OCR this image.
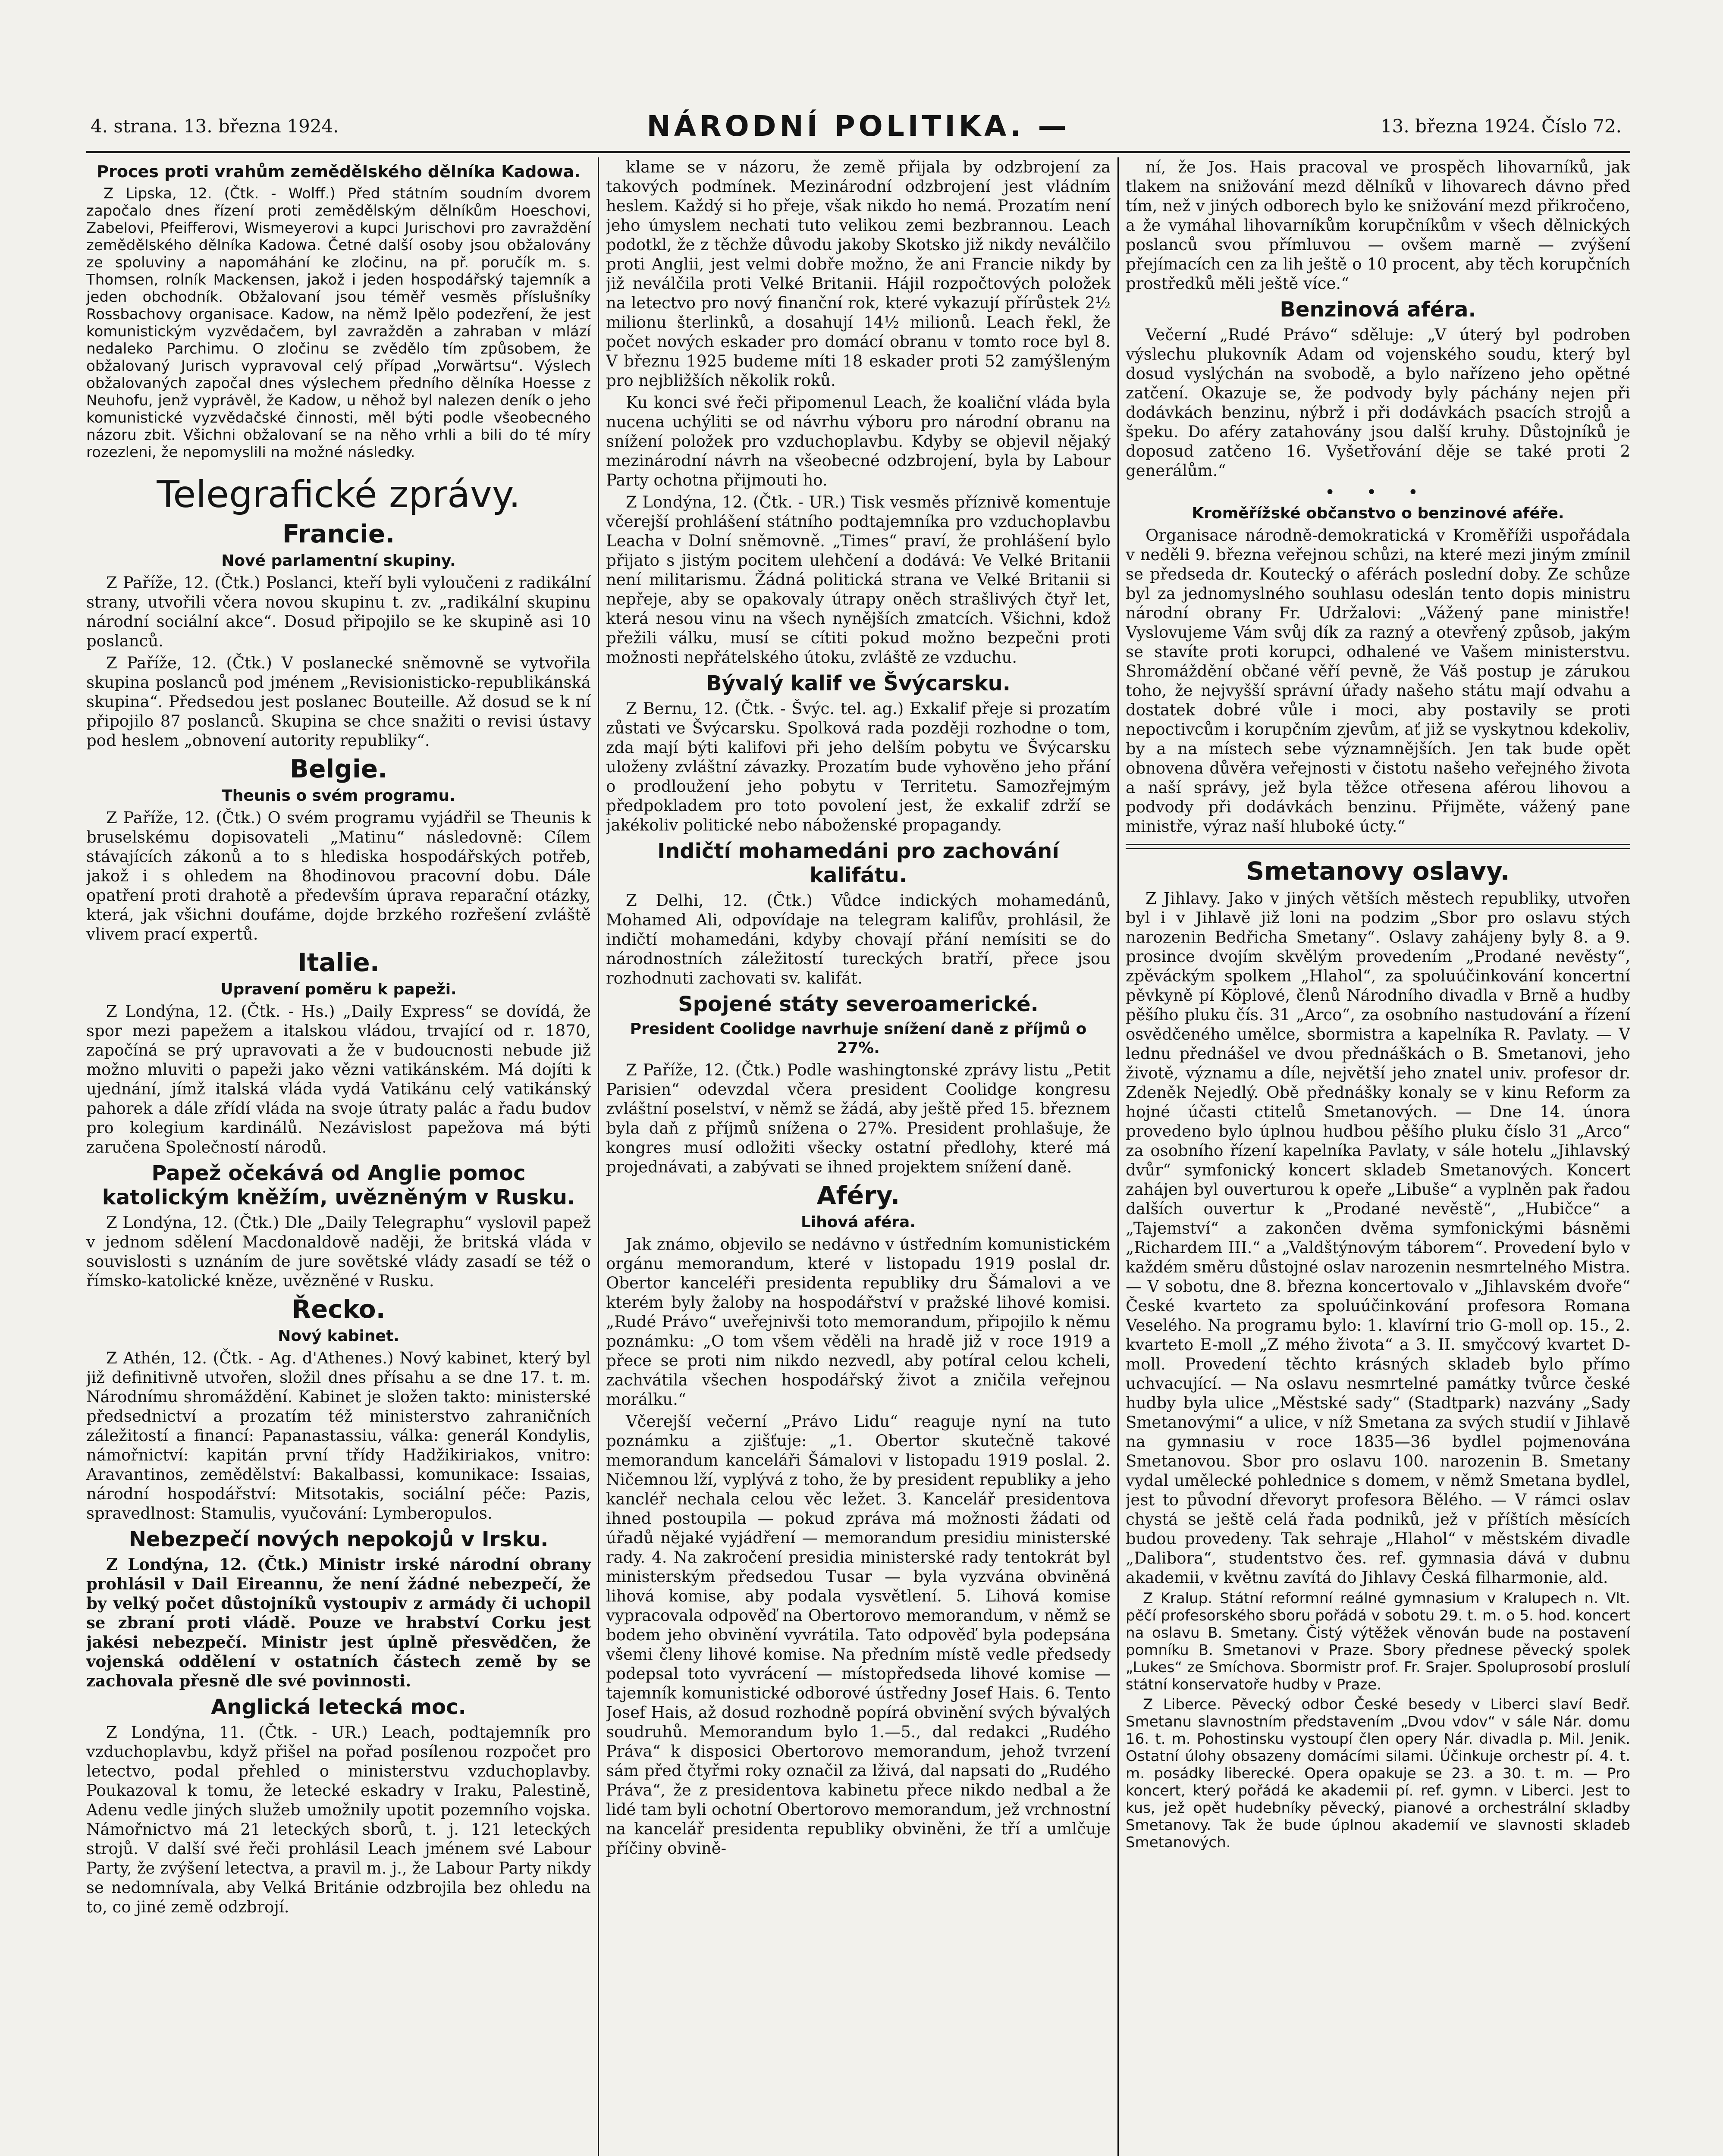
4. strana. 13. března 1924.	NÁRODNÍ POLITIKA. —	13. března 1924. Číslo 72.
Proces proti vrahům zemědělského dělníka Kadowa.

Z Lipska, 12. (Čtk. - Wolff.) Před státním soudním dvorem započalo dnes řízení proti zemědělským dělníkům Hoeschovi, Zabelovi, Pfeifferovi, Wismeyerovi a kupci Jurischovi pro zavraždění zemědělského dělníka Kadowa. Četné další osoby jsou obžalovány ze spoluviny a napomáhání ke zločinu, na př. poručík m. s. Thomsen, rolník Mackensen, jakož i jeden hospodářský tajemník a jeden obchodník. Obžalovaní jsou téměř vesměs příslušníky Rossbachovy organisace. Kadow, na němž lpělo podezření, že jest komunistickým vyzvědačem, byl zavražděn a zahraban v mlází nedaleko Parchimu. O zločinu se zvědělo tím způsobem, že obžalovaný Jurisch vypravoval celý případ „Vorwärtsu“. Výslech obžalovaných započal dnes výslechem předního dělníka Hoesse z Neuhofu, jenž vyprávěl, že Kadow, u něhož byl nalezen deník o jeho komunistické vyzvědačské činnosti, měl býti podle všeobecného názoru zbit. Všichni obžalovaní se na něho vrhli a bili do té míry rozezleni, že nepomyslili na možné následky.

Telegrafické zprávy.
Francie.
Nové parlamentní skupiny.

Z Paříže, 12. (Čtk.) Poslanci, kteří byli vyloučeni z radikální strany, utvořili včera novou skupinu t. zv. „radikální skupinu národní sociální akce“. Dosud připojilo se ke skupině asi 10 poslanců.

Z Paříže, 12. (Čtk.) V poslanecké sněmovně se vytvořila skupina poslanců pod jménem „Revisionisticko-republikánská skupina“. Předsedou jest poslanec Bouteille. Až dosud se k ní připojilo 87 poslanců. Skupina se chce snažiti o revisi ústavy pod heslem „obnovení autority republiky“.

Belgie.
Theunis o svém programu.

Z Paříže, 12. (Čtk.) O svém programu vyjádřil se Theunis k bruselskému dopisovateli „Matinu“ následovně: Cílem stávajících zákonů a to s hlediska hospodářských potřeb, jakož i s ohledem na 8hodinovou pracovní dobu. Dále opatření proti drahotě a především úprava reparační otázky, která, jak všichni doufáme, dojde brzkého rozřešení zvláště vlivem prací expertů.

Italie.
Upravení poměru k papeži.

Z Londýna, 12. (Čtk. - Hs.) „Daily Express“ se dovídá, že spor mezi papežem a italskou vládou, trvající od r. 1870, započíná se prý upravovati a že v budoucnosti nebude již možno mluviti o papeži jako vězni vatikánském. Má dojíti k ujednání, jímž italská vláda vydá Vatikánu celý vatikánský pahorek a dále zřídí vláda na svoje útraty palác a řadu budov pro kolegium kardinálů. Nezávislost papežova má býti zaručena Společností národů.

Papež očekává od Anglie pomoc katolickým kněžím, uvězněným v Rusku.

Z Londýna, 12. (Čtk.) Dle „Daily Telegraphu“ vyslovil papež v jednom sdělení Macdonaldově naději, že britská vláda v souvislosti s uznáním de jure sovětské vlády zasadí se též o římsko-katolické kněze, uvězněné v Rusku.

Řecko.
Nový kabinet.

Z Athén, 12. (Čtk. - Ag. d'Athenes.) Nový kabinet, který byl již definitivně utvořen, složil dnes přísahu a se dne 17. t. m. Národnímu shromáždění. Kabinet je složen takto: ministerské předsednictví a prozatím též ministerstvo zahraničních záležitostí a financí: Papanastassiu, válka: generál Kondylis, námořnictví: kapitán první třídy Hadžikiriakos, vnitro: Aravantinos, zemědělství: Bakalbassi, komunikace: Issaias, národní hospodářství: Mitsotakis, sociální péče: Pazis, spravedlnost: Stamulis, vyučování: Lymberopulos.

Nebezpečí nových nepokojů v Irsku.

Z Londýna, 12. (Čtk.) Ministr irské národní obrany prohlásil v Dail Eireannu, že není žádné nebezpečí, že by velký počet důstojníků vystoupiv z armády či uchopil se zbraní proti vládě. Pouze ve hrabství Corku jest jakési nebezpečí. Ministr jest úplně přesvědčen, že vojenská oddělení v ostatních částech země by se zachovala přesně dle své povinnosti.

Anglická letecká moc.

Z Londýna, 11. (Čtk. - UR.) Leach, podtajemník pro vzduchoplavbu, když přišel na pořad posílenou rozpočet pro letectvo, podal přehled o ministerstvu vzduchoplavby. Poukazoval k tomu, že letecké eskadry v Iraku, Palestině, Adenu vedle jiných služeb umožnily upotit pozemního vojska. Námořnictvo má 21 leteckých sborů, t. j. 121 leteckých strojů. V další své řeči prohlásil Leach jménem své Labour Party, že zvýšení letectva, a pravil m. j., že Labour Party nikdy se nedomnívala, aby Velká Británie odzbrojila bez ohledu na to, co jiné země odzbrojí.

klame se v názoru, že země přijala by odzbrojení za takových podmínek. Mezinárodní odzbrojení jest vládním heslem. Každý si ho přeje, však nikdo ho nemá. Prozatím není jeho úmyslem nechati tuto velikou zemi bezbrannou. Leach podotkl, že z těchže důvodu jakoby Skotsko již nikdy neválčilo proti Anglii, jest velmi dobře možno, že ani Francie nikdy by již neválčila proti Velké Britanii. Hájil rozpočtových položek na letectvo pro nový finanční rok, které vykazují přírůstek 2½ milionu šterlinků, a dosahují 14½ milionů. Leach řekl, že počet nových eskader pro domácí obranu v tomto roce byl 8. V březnu 1925 budeme míti 18 eskader proti 52 zamýšleným pro nejbližších několik roků.

Ku konci své řeči připomenul Leach, že koaliční vláda byla nucena uchýliti se od návrhu výboru pro národní obranu na snížení položek pro vzduchoplavbu. Kdyby se objevil nějaký mezinárodní návrh na všeobecné odzbrojení, byla by Labour Party ochotna přijmouti ho.

Z Londýna, 12. (Čtk. - UR.) Tisk vesměs příznivě komentuje včerejší prohlášení státního podtajemníka pro vzduchoplavbu Leacha v Dolní sněmovně. „Times“ praví, že prohlášení bylo přijato s jistým pocitem ulehčení a dodává: Ve Velké Britanii není militarismu. Žádná politická strana ve Velké Britanii si nepřeje, aby se opakovaly útrapy oněch strašlivých čtyř let, která nesou vinu na všech nynějších zmatcích. Všichni, kdož přežili válku, musí se cítiti pokud možno bezpečni proti možnosti nepřátelského útoku, zvláště ze vzduchu.

Bývalý kalif ve Švýcarsku.

Z Bernu, 12. (Čtk. - Švýc. tel. ag.) Exkalif přeje si prozatím zůstati ve Švýcarsku. Spolková rada později rozhodne o tom, zda mají býti kalifovi při jeho delším pobytu ve Švýcarsku uloženy zvláštní závazky. Prozatím bude vyhověno jeho přání o prodloužení jeho pobytu v Territetu. Samozřejmým předpokladem pro toto povolení jest, že exkalif zdrží se jakékoliv politické nebo náboženské propagandy.

Indičtí mohamedáni pro zachování kalifátu.

Z Delhi, 12. (Čtk.) Vůdce indických mohamedánů, Mohamed Ali, odpovídaje na telegram kalifův, prohlásil, že indičtí mohamedáni, kdyby chovají přání nemísiti se do národnostních záležitostí tureckých bratří, přece jsou rozhodnuti zachovati sv. kalifát.

Spojené státy severoamerické.
President Coolidge navrhuje snížení daně z příjmů o 27%.

Z Paříže, 12. (Čtk.) Podle washingtonské zprávy listu „Petit Parisien“ odevzdal včera president Coolidge kongresu zvláštní poselství, v němž se žádá, aby ještě před 15. březnem byla daň z příjmů snížena o 27%. President prohlašuje, že kongres musí odložiti všecky ostatní předlohy, které má projednávati, a zabývati se ihned projektem snížení daně.

Aféry.
Lihová aféra.

Jak známo, objevilo se nedávno v ústředním komunistickém orgánu memorandum, které v listopadu 1919 poslal dr. Obertor kanceléři presidenta republiky dru Šámalovi a ve kterém byly žaloby na hospodářství v pražské lihové komisi. „Rudé Právo“ uveřejnivši toto memorandum, připojilo k němu poznámku: „O tom všem věděli na hradě již v roce 1919 a přece se proti nim nikdo nezvedl, aby potíral celou kcheli, zachvátila všechen hospodářský život a zničila veřejnou morálku.“

Včerejší večerní „Právo Lidu“ reaguje nyní na tuto poznámku a zjišťuje: „1. Obertor skutečně takové memorandum kanceláři Šámalovi v listopadu 1919 poslal. 2. Ničemnou lží, vyplývá z toho, že by president republiky a jeho kancléř nechala celou věc ležet. 3. Kancelář presidentova ihned postoupila — pokud zpráva má možnosti žádati od úřadů nějaké vyjádření — memorandum presidiu ministerské rady. 4. Na zakročení presidia ministerské rady tentokrát byl ministerským předsedou Tusar — byla vyzvána obviněná lihová komise, aby podala vysvětlení. 5. Lihová komise vypracovala odpověď na Obertorovo memorandum, v němž se bodem jeho obvinění vyvrátila. Tato odpověď byla podepsána všemi členy lihové komise. Na předním místě vedle předsedy podepsal toto vyvrácení — místopředseda lihové komise — tajemník komunistické odborové ústředny Josef Hais. 6. Tento Josef Hais, až dosud rozhodně popírá obvinění svých bývalých soudruhů. Memorandum bylo 1.—5., dal redakci „Rudého Práva“ k disposici Obertorovo memorandum, jehož tvrzení sám před čtyřmi roky označil za lživá, dal napsati do „Rudého Práva“, že z presidentova kabinetu přece nikdo nedbal a že lidé tam byli ochotní Obertorovo memorandum, jež vrchnostní na kancelář presidenta republiky obviněni, že tří a umlčuje příčiny obvině-

ní, že Jos. Hais pracoval ve prospěch lihovarníků, jak tlakem na snižování mezd dělníků v lihovarech dávno před tím, než v jiných odborech bylo ke snižování mezd přikročeno, a že vymáhal lihovarníkům korupčníkům v všech dělnických poslanců svou přímluvou — ovšem marně — zvýšení přejímacích cen za lih ještě o 10 procent, aby těch korupčních prostředků měli ještě více.“

Benzinová aféra.

Večerní „Rudé Právo“ sděluje: „V úterý byl podroben výslechu plukovník Adam od vojenského soudu, který byl dosud vyslýchán na svobodě, a bylo nařízeno jeho opětné zatčení. Okazuje se, že podvody byly páchány nejen při dodávkách benzinu, nýbrž i při dodávkách psacích strojů a špeku. Do aféry zatahovány jsou další kruhy. Důstojníků je doposud zatčeno 16. Vyšetřování děje se také proti 2 generálům.“

• • •
Kroměřížské občanstvo o benzinové aféře.

Organisace národně-demokratická v Kroměříži uspořádala v neděli 9. března veřejnou schůzi, na které mezi jiným zmínil se předseda dr. Koutecký o aférách poslední doby. Ze schůze byl za jednomyslného souhlasu odeslán tento dopis ministru národní obrany Fr. Udržalovi: „Vážený pane ministře! Vyslovujeme Vám svůj dík za razný a otevřený způsob, jakým se stavíte proti korupci, odhalené ve Vašem ministerstvu. Shromáždění občané věří pevně, že Váš postup je zárukou toho, že nejvyšší správní úřady našeho státu mají odvahu a dostatek dobré vůle i moci, aby postavily se proti nepoctivcům i korupčním zjevům, ať již se vyskytnou kdekoliv, by a na místech sebe významnějších. Jen tak bude opět obnovena důvěra veřejnosti v čistotu našeho veřejného života a naší správy, jež byla těžce otřesena aférou lihovou a podvody při dodávkách benzinu. Přijměte, vážený pane ministře, výraz naší hluboké úcty.“

Smetanovy oslavy.

Z Jihlavy. Jako v jiných větších městech republiky, utvořen byl i v Jihlavě již loni na podzim „Sbor pro oslavu stých narozenin Bedřicha Smetany“. Oslavy zahájeny byly 8. a 9. prosince dvojím skvělým provedením „Prodané nevěsty“, zpěváckým spolkem „Hlahol“, za spoluúčinkování koncertní pěvkyně pí Köplové, členů Národního divadla v Brně a hudby pěšího pluku čís. 31 „Arco“, za osobního nastudování a řízení osvědčeného umělce, sbormistra a kapelníka R. Pavlaty. — V lednu přednášel ve dvou přednáškách o B. Smetanovi, jeho životě, významu a díle, největší jeho znatel univ. profesor dr. Zdeněk Nejedlý. Obě přednášky konaly se v kinu Reform za hojné účasti ctitelů Smetanových. — Dne 14. února provedeno bylo úplnou hudbou pěšího pluku číslo 31 „Arco“ za osobního řízení kapelníka Pavlaty, v sále hotelu „Jihlavský dvůr“ symfonický koncert skladeb Smetanových. Koncert zahájen byl ouverturou k opeře „Libuše“ a vyplněn pak řadou dalších ouvertur k „Prodané nevěstě“, „Hubičce“ a „Tajemství“ a zakončen dvěma symfonickými básněmi „Richardem III.“ a „Valdštýnovým táborem“. Provedení bylo v každém směru důstojné oslav narozenin nesmrtelného Mistra. — V sobotu, dne 8. března koncertovalo v „Jihlavském dvoře“ České kvarteto za spoluúčinkování profesora Romana Veselého. Na programu bylo: 1. klavírní trio G-moll op. 15., 2. kvarteto E-moll „Z mého života“ a 3. II. smyčcový kvartet D-moll. Provedení těchto krásných skladeb bylo přímo uchvacující. — Na oslavu nesmrtelné památky tvůrce české hudby byla ulice „Městské sady“ (Stadtpark) nazvány „Sady Smetanovými“ a ulice, v níž Smetana za svých studií v Jihlavě na gymnasiu v roce 1835—36 bydlel pojmenována Smetanovou. Sbor pro oslavu 100. narozenin B. Smetany vydal umělecké pohlednice s domem, v němž Smetana bydlel, jest to původní dřevoryt profesora Bělého. — V rámci oslav chystá se ještě celá řada podniků, jež v příštích měsících budou provedeny. Tak sehraje „Hlahol“ v městském divadle „Dalibora“, studentstvo čes. ref. gymnasia dává v dubnu akademii, v květnu zavítá do Jihlavy Česká filharmonie, ald.

Z Kralup. Státní reformní reálné gymnasium v Kralupech n. Vlt. pěčí profesorského sboru pořádá v sobotu 29. t. m. o 5. hod. koncert na oslavu B. Smetany. Čistý výtěžek věnován bude na postavení pomníku B. Smetanovi v Praze. Sbory přednese pěvecký spolek „Lukes“ ze Smíchova. Sbormistr prof. Fr. Srajer. Spoluprosobí proslulí státní konservatoře hudby v Praze.

Z Liberce. Pěvecký odbor České besedy v Liberci slaví Bedř. Smetanu slavnostním představením „Dvou vdov“ v sále Nár. domu 16. t. m. Pohostinsku vystoupí člen opery Nár. divadla p. Mil. Jenik. Ostatní úlohy obsazeny domácími silami. Účinkuje orchestr pí. 4. t. m. posádky liberecké. Opera opakuje se 23. a 30. t. m. — Pro koncert, který pořádá ke akademii pí. ref. gymn. v Liberci. Jest to kus, jež opět hudebníky pěvecký, pianové a orchestrální skladby Smetanovy. Tak že bude úplnou akademií ve slavnosti skladeb Smetanových.
